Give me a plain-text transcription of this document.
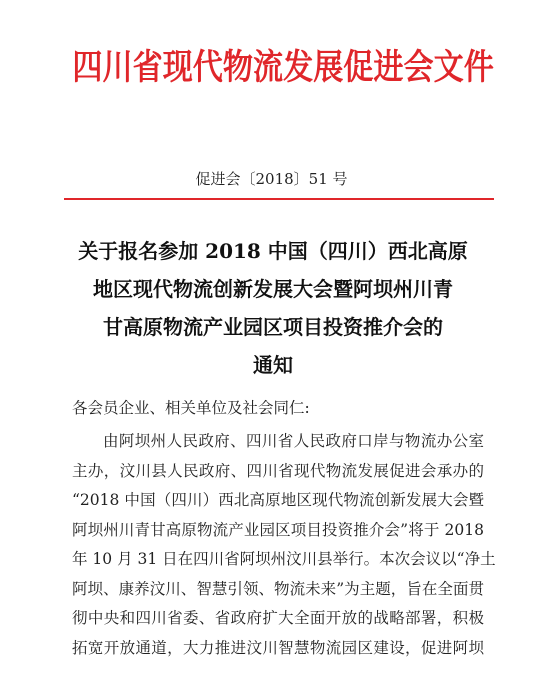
四川省现代物流发展促进会文件
促进会〔2018〕51 号
关于报名参加 2018 中国（四川）西北高原
地区现代物流创新发展大会暨阿坝州川青
甘高原物流产业园区项目投资推介会的
通知
各会员企业、相关单位及社会同仁:
由阿坝州人民政府、四川省人民政府口岸与物流办公室
主办，汶川县人民政府、四川省现代物流发展促进会承办的
“2018 中国（四川）西北高原地区现代物流创新发展大会暨
阿坝州川青甘高原物流产业园区项目投资推介会”将于 2018
年 10 月 31 日在四川省阿坝州汶川县举行。本次会议以“净土
阿坝、康养汶川、智慧引领、物流未来”为主题，旨在全面贯
彻中央和四川省委、省政府扩大全面开放的战略部署，积极
拓宽开放通道，大力推进汶川智慧物流园区建设，促进阿坝
